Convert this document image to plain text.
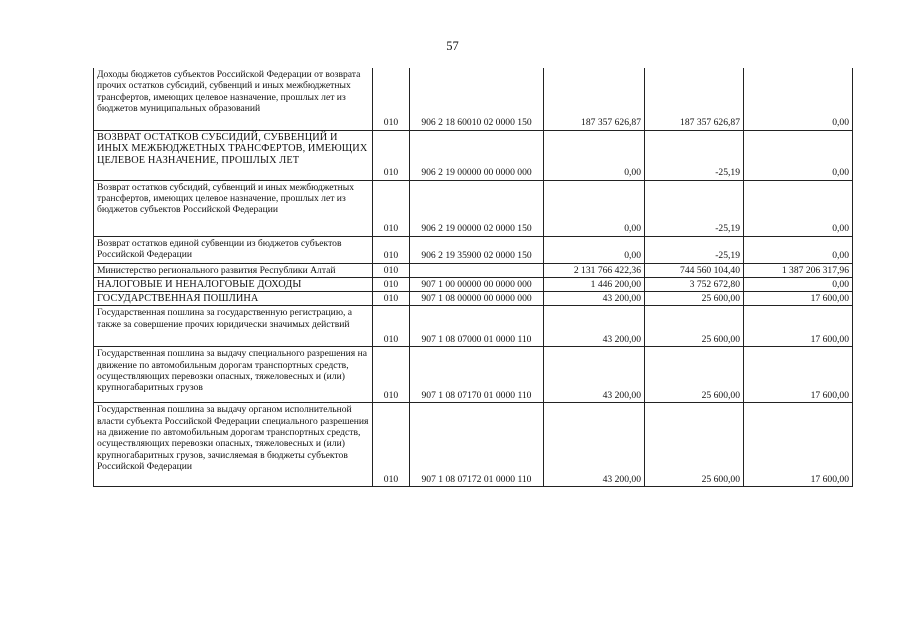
57
Доходы бюджетов субъектов Российской Федерации от возврата прочих остатков субсидий, субвенций и иных межбюджетных трансфертов, имеющих целевое назначение, прошлых лет из бюджетов муниципальных образований	010	906 2 18 60010 02 0000 150	187 357 626,87	187 357 626,87	0,00
ВОЗВРАТ ОСТАТКОВ СУБСИДИЙ, СУБВЕНЦИЙ И ИНЫХ МЕЖБЮДЖЕТНЫХ ТРАНСФЕРТОВ, ИМЕЮЩИХ ЦЕЛЕВОЕ НАЗНАЧЕНИЕ, ПРОШЛЫХ ЛЕТ	010	906 2 19 00000 00 0000 000	0,00	-25,19	0,00
Возврат остатков субсидий, субвенций и иных межбюджетных трансфертов, имеющих целевое назначение, прошлых лет из бюджетов субъектов Российской Федерации	010	906 2 19 00000 02 0000 150	0,00	-25,19	0,00
Возврат остатков единой субвенции из бюджетов субъектов Российской Федерации	010	906 2 19 35900 02 0000 150	0,00	-25,19	0,00
Министерство регионального развития Республики Алтай	010		2 131 766 422,36	744 560 104,40	1 387 206 317,96
НАЛОГОВЫЕ И НЕНАЛОГОВЫЕ ДОХОДЫ	010	907 1 00 00000 00 0000 000	1 446 200,00	3 752 672,80	0,00
ГОСУДАРСТВЕННАЯ ПОШЛИНА	010	907 1 08 00000 00 0000 000	43 200,00	25 600,00	17 600,00
Государственная пошлина за государственную регистрацию, а также за совершение прочих юридически значимых действий	010	907 1 08 07000 01 0000 110	43 200,00	25 600,00	17 600,00
Государственная пошлина за выдачу специального разрешения на движение по автомобильным дорогам транспортных средств, осуществляющих перевозки опасных, тяжеловесных и (или) крупногабаритных грузов	010	907 1 08 07170 01 0000 110	43 200,00	25 600,00	17 600,00
Государственная пошлина за выдачу органом исполнительной власти субъекта Российской Федерации специального разрешения на движение по автомобильным дорогам транспортных средств, осуществляющих перевозки опасных, тяжеловесных и (или) крупногабаритных грузов, зачисляемая в бюджеты субъектов Российской Федерации	010	907 1 08 07172 01 0000 110	43 200,00	25 600,00	17 600,00
